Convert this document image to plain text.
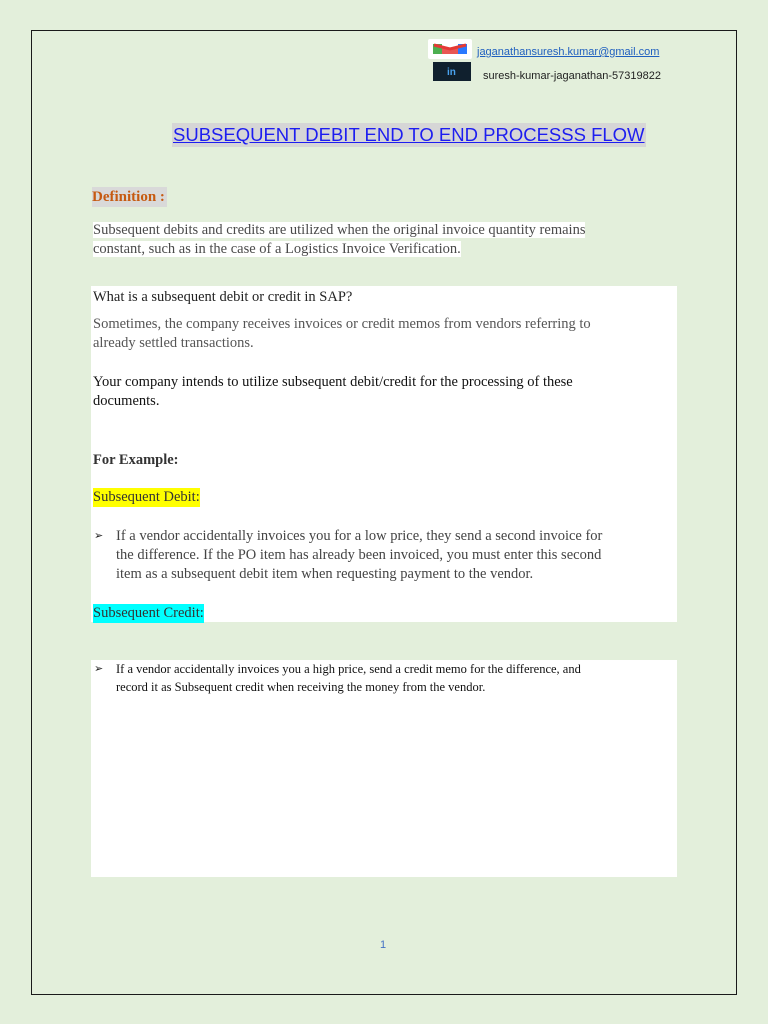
jaganathansuresh.kumar@gmail.com
in suresh-kumar-jaganathan-57319822
SUBSEQUENT DEBIT END TO END PROCESSS FLOW
Definition :
Subsequent debits and credits are utilized when the original invoice quantity remains
constant, such as in the case of a Logistics Invoice Verification.
What is a subsequent debit or credit in SAP?
Sometimes, the company receives invoices or credit memos from vendors referring to
already settled transactions.
Your company intends to utilize subsequent debit/credit for the processing of these
documents.
For Example:
Subsequent Debit:
➢ If a vendor accidentally invoices you for a low price, they send a second invoice for
the difference. If the PO item has already been invoiced, you must enter this second
item as a subsequent debit item when requesting payment to the vendor.
Subsequent Credit:
➢ If a vendor accidentally invoices you a high price, send a credit memo for the difference, and
record it as Subsequent credit when receiving the money from the vendor.
1
